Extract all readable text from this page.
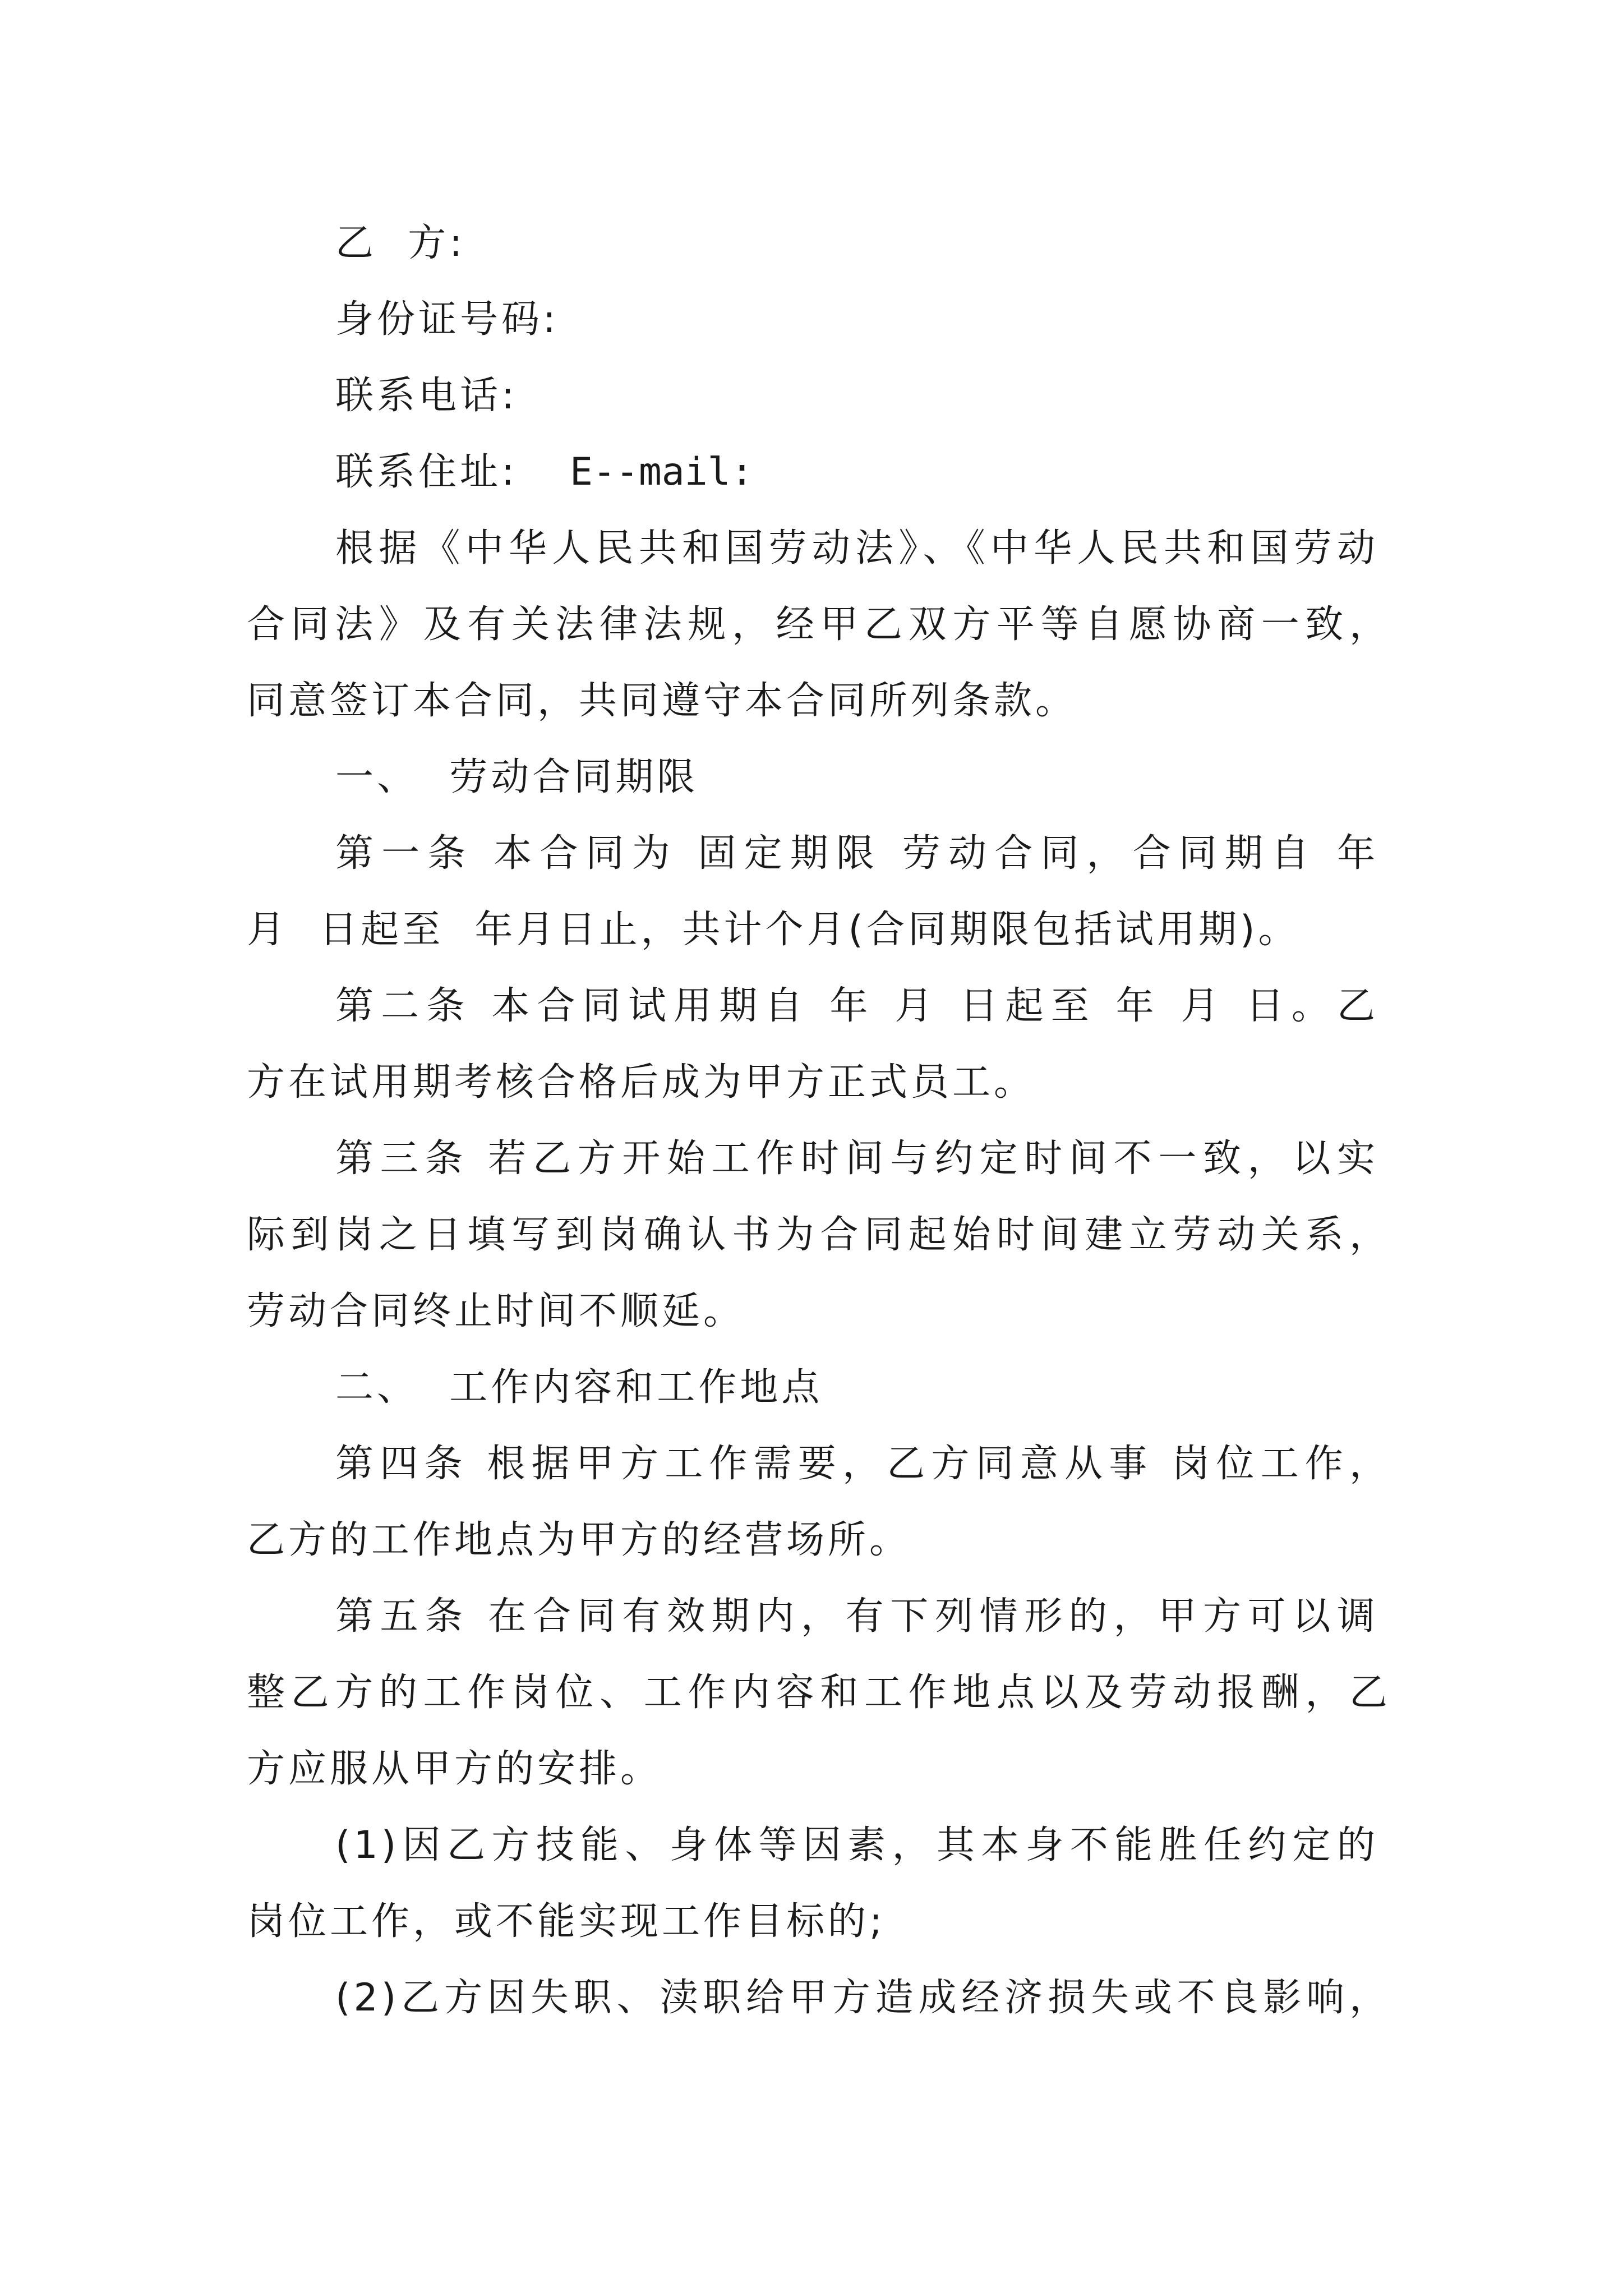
乙  方:
身份证号码:
联系电话:
联系住址: E--mail:
根据《中华人民共和国劳动法》、《中华人民共和国劳动
合同法》及有关法律法规，经甲乙双方平等自愿协商一致，
同意签订本合同，共同遵守本合同所列条款。
一、  劳动合同期限
第一条 本合同为 固定期限 劳动合同，合同期自 年
月  日起至  年月日止，共计个月(合同期限包括试用期)。
第二条 本合同试用期自 年 月 日起至 年 月 日。乙
方在试用期考核合格后成为甲方正式员工。
第三条 若乙方开始工作时间与约定时间不一致，以实
际到岗之日填写到岗确认书为合同起始时间建立劳动关系，
劳动合同终止时间不顺延。
二、  工作内容和工作地点
第四条 根据甲方工作需要，乙方同意从事 岗位工作，
乙方的工作地点为甲方的经营场所。
第五条 在合同有效期内，有下列情形的，甲方可以调
整乙方的工作岗位、工作内容和工作地点以及劳动报酬，乙
方应服从甲方的安排。
(1)因乙方技能、身体等因素，其本身不能胜任约定的
岗位工作，或不能实现工作目标的;
(2)乙方因失职、渎职给甲方造成经济损失或不良影响，
